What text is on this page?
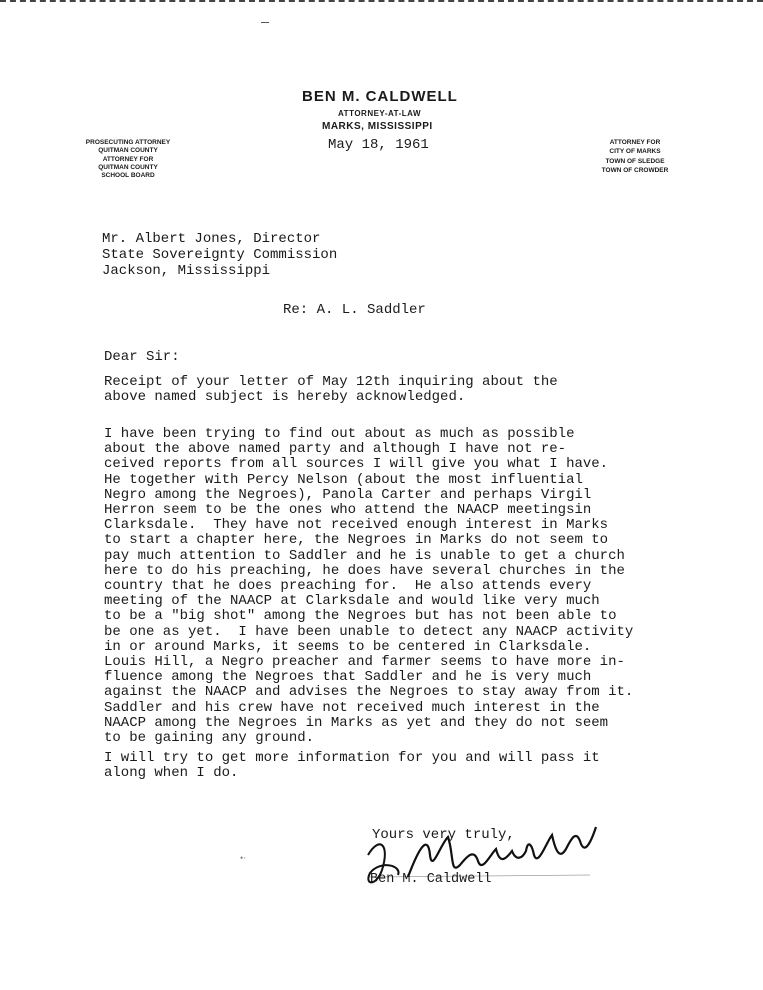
BEN M. CALDWELL
ATTORNEY-AT-LAW
MARKS, MISSISSIPPI
PROSECUTING ATTORNEY
QUITMAN COUNTY
ATTORNEY FOR
QUITMAN COUNTY
SCHOOL BOARD
ATTORNEY FOR
CITY OF MARKS
TOWN OF SLEDGE
TOWN OF CROWDER
May 18, 1961
Mr. Albert Jones, Director
State Sovereignty Commission
Jackson, Mississippi
Re: A. L. Saddler
Dear Sir:
Receipt of your letter of May 12th inquiring about the
above named subject is hereby acknowledged.
I have been trying to find out about as much as possible
about the above named party and although I have not re-
ceived reports from all sources I will give you what I have.
He together with Percy Nelson (about the most influential
Negro among the Negroes), Panola Carter and perhaps Virgil
Herron seem to be the ones who attend the NAACP meetingsin
Clarksdale.  They have not received enough interest in Marks
to start a chapter here, the Negroes in Marks do not seem to
pay much attention to Saddler and he is unable to get a church
here to do his preaching, he does have several churches in the
country that he does preaching for.  He also attends every
meeting of the NAACP at Clarksdale and would like very much
to be a "big shot" among the Negroes but has not been able to
be one as yet.  I have been unable to detect any NAACP activity
in or around Marks, it seems to be centered in Clarksdale.
Louis Hill, a Negro preacher and farmer seems to have more in-
fluence among the Negroes that Saddler and he is very much
against the NAACP and advises the Negroes to stay away from it.
Saddler and his crew have not received much interest in the
NAACP among the Negroes in Marks as yet and they do not seem
to be gaining any ground.
I will try to get more information for you and will pass it
along when I do.
Yours very truly,
Ben M. Caldwell
•·
